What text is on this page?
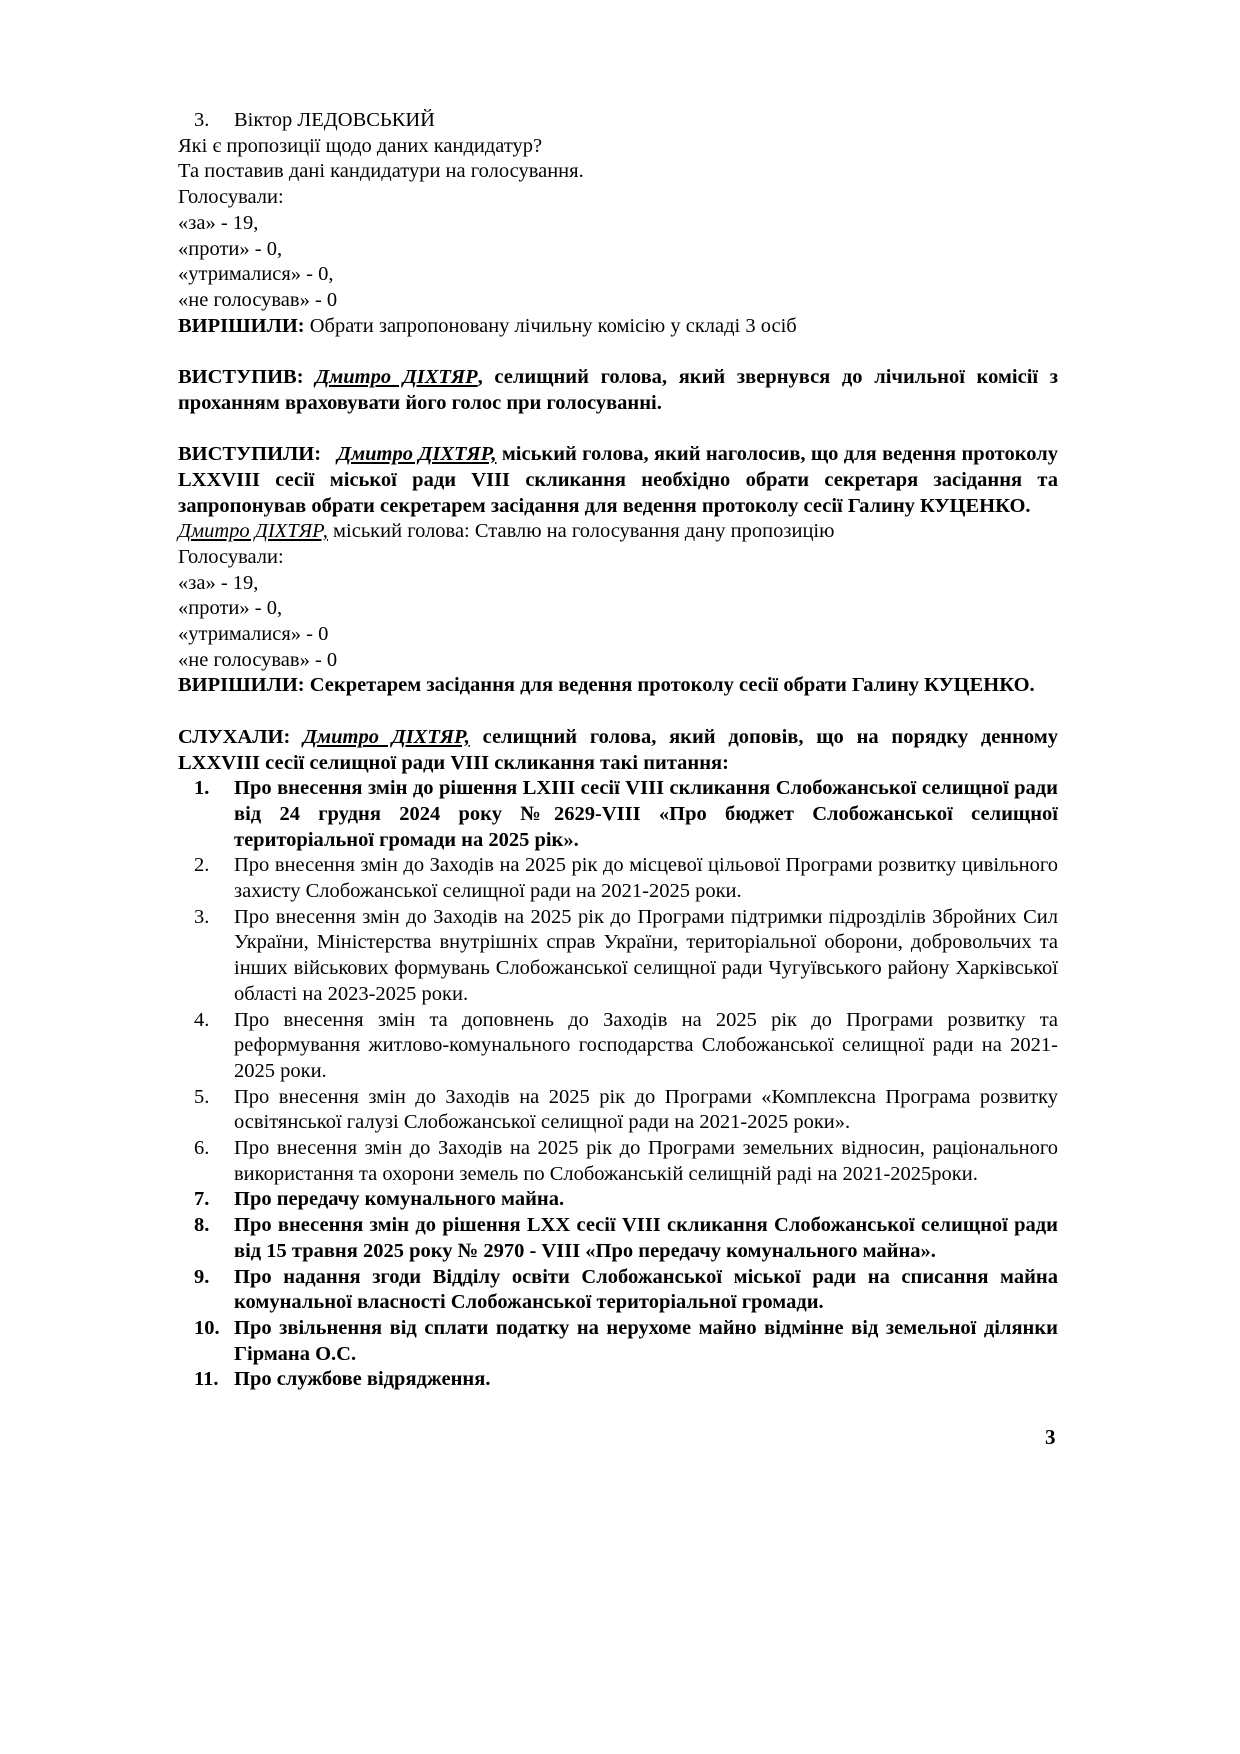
3. Віктор ЛЕДОВСЬКИЙ

Які є пропозиції щодо даних кандидатур?

Та поставив дані кандидатури на голосування.

Голосували:

«за» - 19,

«проти» - 0,

«утрималися» - 0,

«не голосував» - 0

ВИРІШИЛИ: Обрати запропоновану лічильну комісію у складі 3 осіб

ВИСТУПИВ: Дмитро ДІХТЯР, селищний голова, який звернувся до лічильної комісії з проханням враховувати його голос при голосуванні.

ВИСТУПИЛИ: Дмитро ДІХТЯР, міський голова, який наголосив, що для ведення протоколу LXXVIII сесії міської ради VIII скликання необхідно обрати секретаря засідання та запропонував обрати секретарем засідання для ведення протоколу сесії Галину КУЦЕНКО.

Дмитро ДІХТЯР, міський голова: Ставлю на голосування дану пропозицію

Голосували:

«за» - 19,

«проти» - 0,

«утрималися» - 0

«не голосував» - 0

ВИРІШИЛИ: Секретарем засідання для ведення протоколу сесії обрати Галину КУЦЕНКО.

СЛУХАЛИ: Дмитро ДІХТЯР, селищний голова, який доповів, що на порядку денному LXXVIII сесії селищної ради VIII скликання такі питання:

1. Про внесення змін до рішення LXIII сесії VIII скликання Слобожанської селищної ради від 24 грудня 2024 року №2629-VIII «Про бюджет Слобожанської селищної територіальної громади на 2025 рік».
2. Про внесення змін до Заходів на 2025 рік до місцевої цільової Програми розвитку цивільного захисту Слобожанської селищної ради на 2021-2025 роки.
3. Про внесення змін до Заходів на 2025 рік до Програми підтримки підрозділів Збройних Сил України, Міністерства внутрішніх справ України, територіальної оборони, добровольчих та інших військових формувань Слобожанської селищної ради Чугуївського району Харківської області на 2023-2025 роки.
4. Про внесення змін та доповнень до Заходів на 2025 рік до Програми розвитку та реформування житлово-комунального господарства Слобожанської селищної ради на 2021-2025 роки.
5. Про внесення змін до Заходів на 2025 рік до Програми «Комплексна Програма розвитку освітянської галузі Слобожанської селищної ради на 2021-2025 роки».
6. Про внесення змін до Заходів на 2025 рік до Програми земельних відносин, раціонального використання та охорони земель по Слобожанській селищній раді на 2021-2025роки.
7. Про передачу комунального майна.
8. Про внесення змін до рішення LXX сесії VIII скликання Слобожанської селищної ради від 15 травня 2025 року № 2970 - VIII «Про передачу комунального майна».
9. Про надання згоди Відділу освіти Слобожанської міської ради на списання майна комунальної власності Слобожанської територіальної громади.
10. Про звільнення від сплати податку на нерухоме майно відмінне від земельної ділянки Гірмана О.С.
11. Про службове відрядження.
3
